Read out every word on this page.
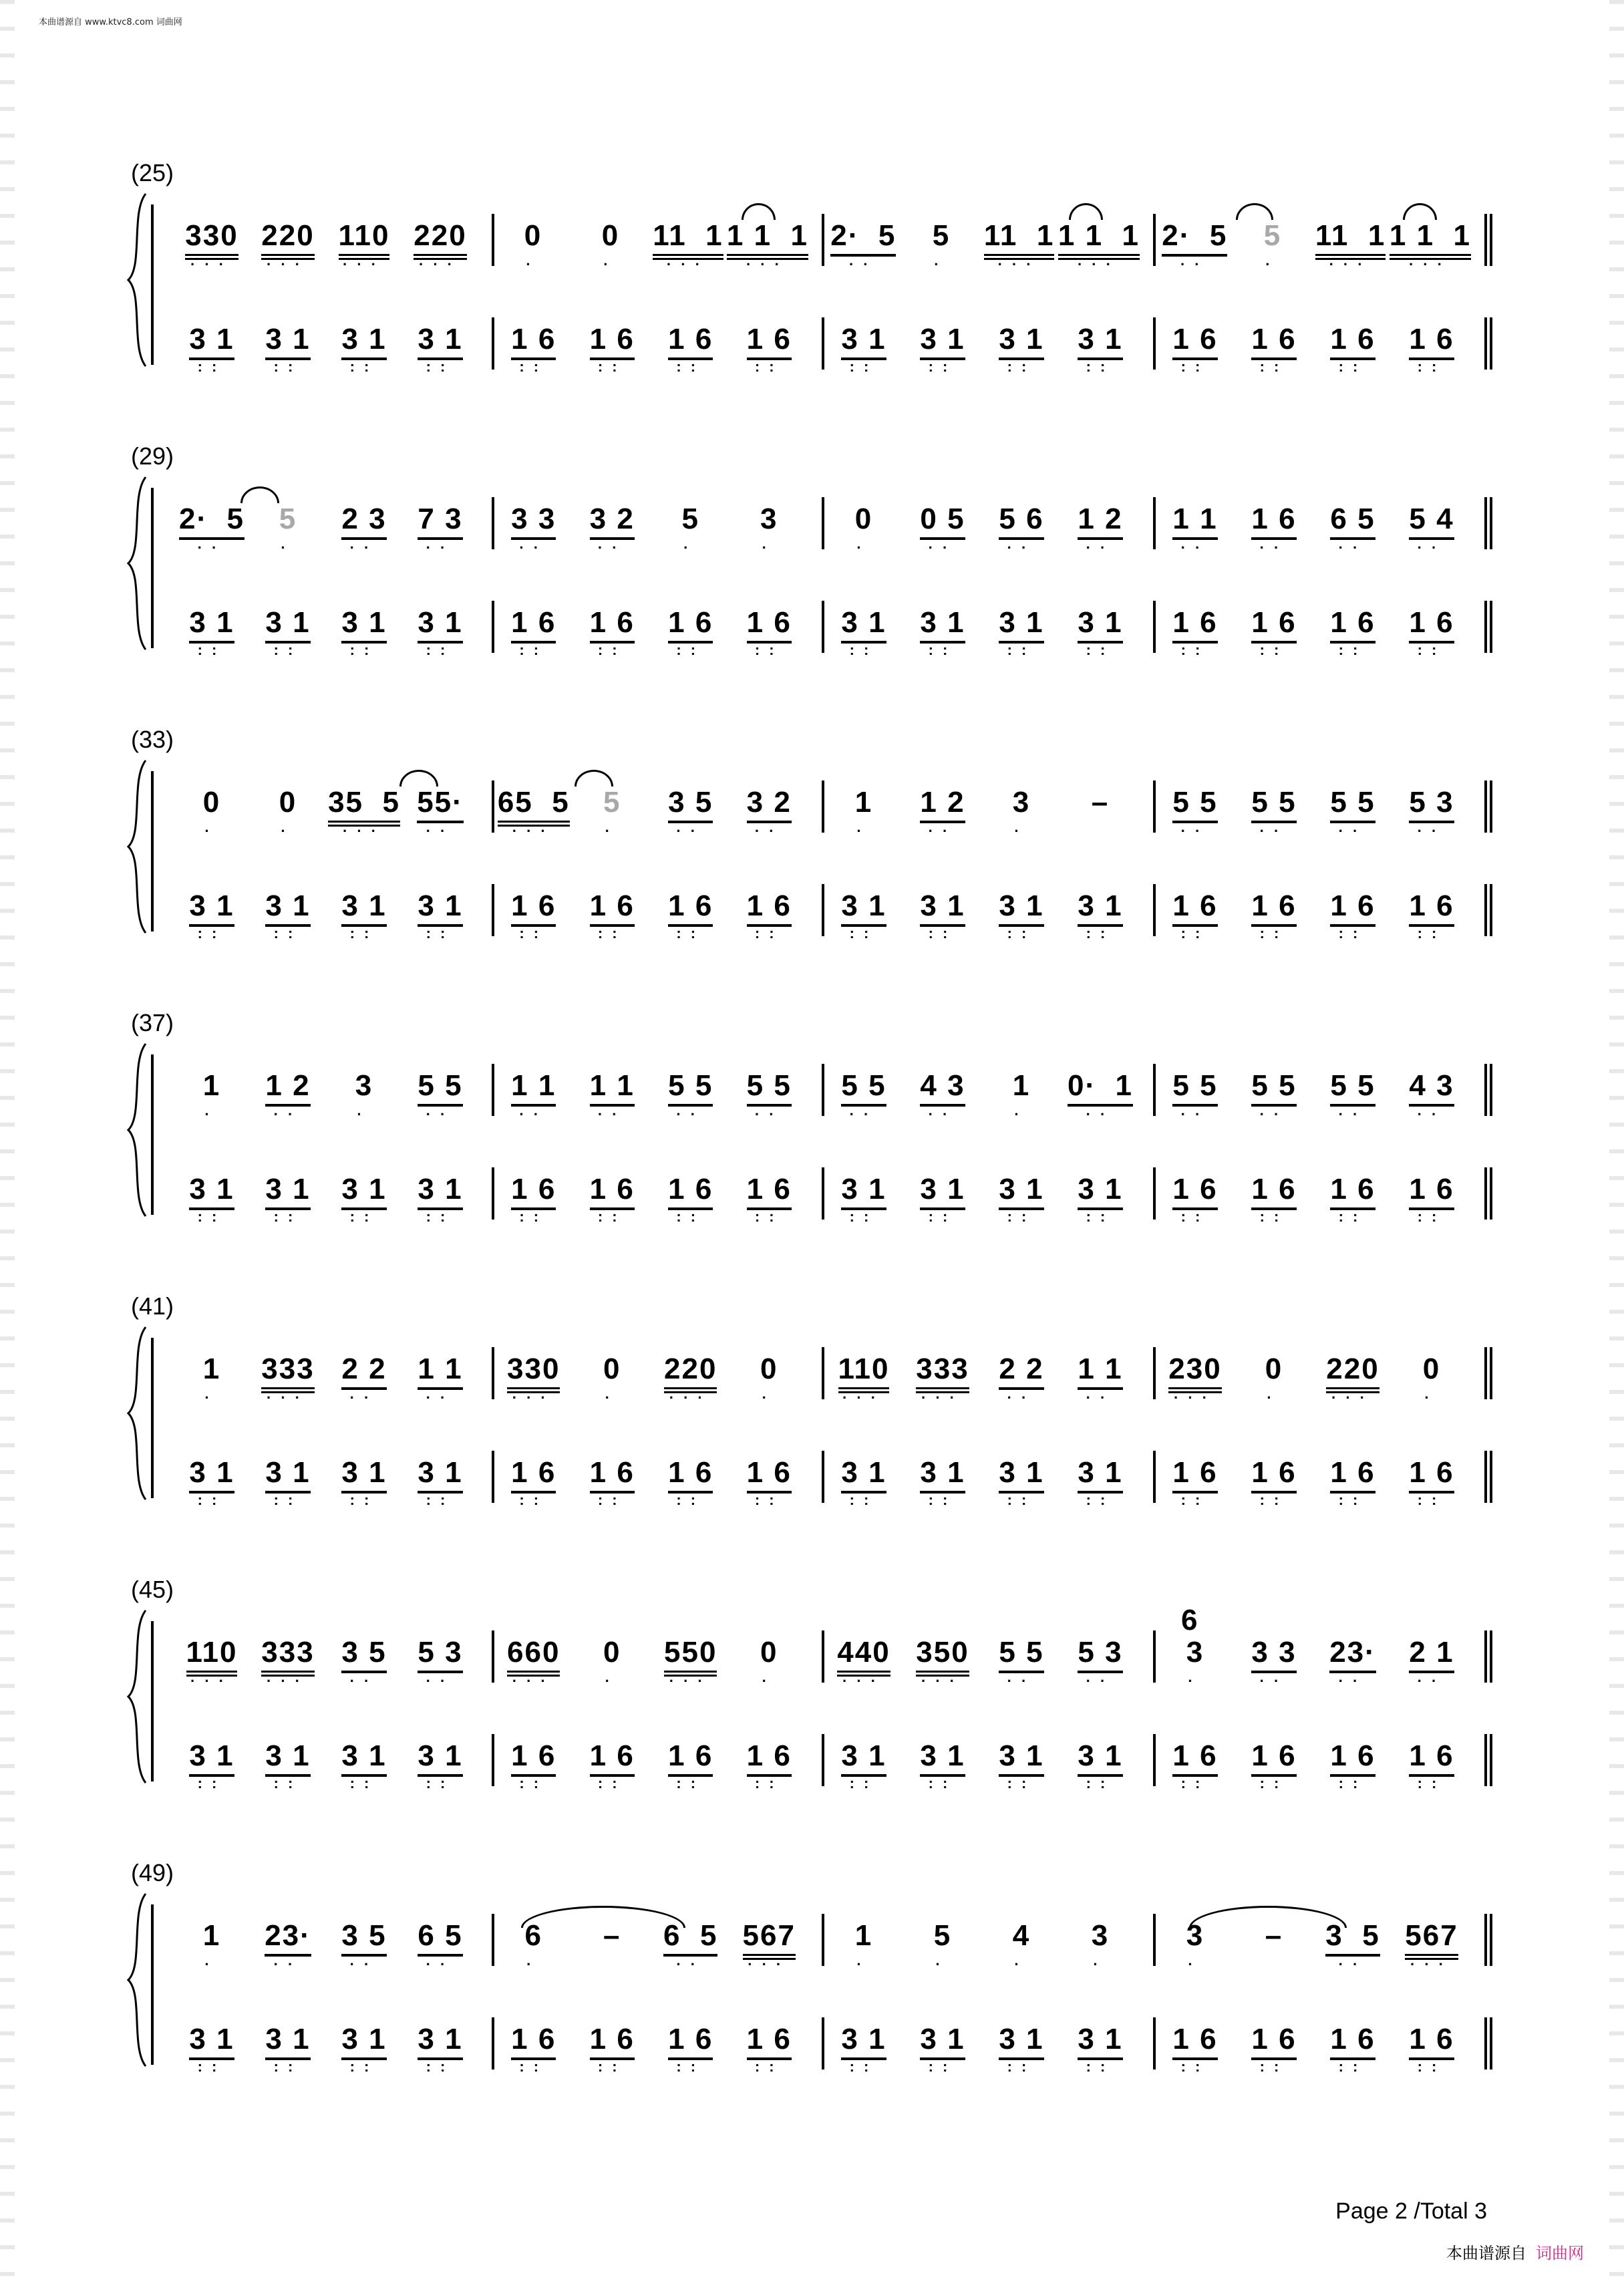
本曲谱源自 www.ktvc8.com 词曲网
(25)
330
···
220
···
110
···
220
···
0
·
0
·
11  1
···
1 1  1
···
2·  5
··
5
·
11  1
···
1 1  1
···
2·  5
··
5
·
11  1
···
1 1  1
···
3 1
::
3 1
::
3 1
::
3 1
::
1 6
::
1 6
::
1 6
::
1 6
::
3 1
::
3 1
::
3 1
::
3 1
::
1 6
::
1 6
::
1 6
::
1 6
::
(29)
2·  5
··
5
·
2 3
··
7 3
··
3 3
··
3 2
··
5
·
3
·
0
·
0 5
··
5 6
··
1 2
··
1 1
··
1 6
··
6 5
··
5 4
··
3 1
::
3 1
::
3 1
::
3 1
::
1 6
::
1 6
::
1 6
::
1 6
::
3 1
::
3 1
::
3 1
::
3 1
::
1 6
::
1 6
::
1 6
::
1 6
::
(33)
0
·
0
·
35  5
···
55·
··
65  5
···
5
·
3 5
··
3 2
··
1
·
1 2
··
3
·
– 5 5
··
5 5
··
5 5
··
5 3
··
3 1
::
3 1
::
3 1
::
3 1
::
1 6
::
1 6
::
1 6
::
1 6
::
3 1
::
3 1
::
3 1
::
3 1
::
1 6
::
1 6
::
1 6
::
1 6
::
(37)
1
·
1 2
··
3
·
5 5
··
1 1
··
1 1
··
5 5
··
5 5
··
5 5
··
4 3
··
1
·
0·  1
··
5 5
··
5 5
··
5 5
··
4 3
··
3 1
::
3 1
::
3 1
::
3 1
::
1 6
::
1 6
::
1 6
::
1 6
::
3 1
::
3 1
::
3 1
::
3 1
::
1 6
::
1 6
::
1 6
::
1 6
::
(41)
1
·
333
···
2 2
··
1 1
··
330
···
0
·
220
···
0
·
110
···
333
···
2 2
··
1 1
··
230
···
0
·
220
···
0
·
3 1
::
3 1
::
3 1
::
3 1
::
1 6
::
1 6
::
1 6
::
1 6
::
3 1
::
3 1
::
3 1
::
3 1
::
1 6
::
1 6
::
1 6
::
1 6
::
(45)
110
···
333
···
3 5
··
5 3
··
660
···
0
·
550
···
0
·
440
···
350
···
5 5
··
5 3
··
3
·
3 3
··
23·
··
2 1
··
3 1
::
3 1
::
3 1
::
3 1
::
1 6
::
1 6
::
1 6
::
1 6
::
3 1
::
3 1
::
3 1
::
3 1
::
1 6
::
1 6
::
1 6
::
1 6
::
6
(49)
1
·
23·
··
3 5
··
6 5
··
6
·
– 6  5
··
567
···
1
·
5
·
4
·
3
·
3
·
– 3  5
··
567
···
3 1
::
3 1
::
3 1
::
3 1
::
1 6
::
1 6
::
1 6
::
1 6
::
3 1
::
3 1
::
3 1
::
3 1
::
1 6
::
1 6
::
1 6
::
1 6
::
Page 2 /Total 3
本曲谱源自 词曲网
